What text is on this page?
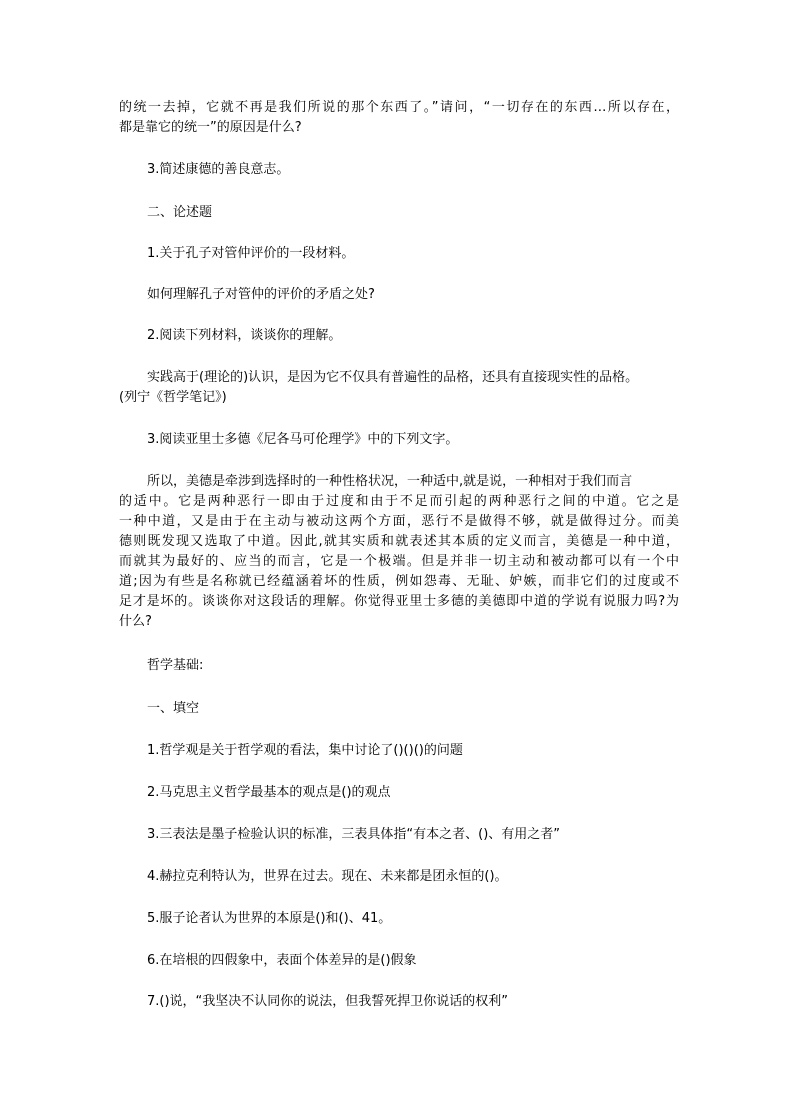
的统一去掉，它就不再是我们所说的那个东西了。”请问，“一切存在的东西…所以存在，

都是靠它的统一”的原因是什么?

3.简述康德的善良意志。

二、论述题

1.关于孔子对管仲评价的一段材料。

如何理解孔子对管仲的评价的矛盾之处?

2.阅读下列材料，谈谈你的理解。

实践高于(理论的)认识，是因为它不仅具有普遍性的品格，还具有直接现实性的品格。

(列宁《哲学笔记》)

3.阅读亚里士多德《尼各马可伦理学》中的下列文字。

所以，美德是牵涉到选择时的一种性格状况，一种适中,就是说，一种相对于我们而言

的适中。它是两种恶行一即由于过度和由于不足而引起的两种恶行之间的中道。它之是

一种中道，又是由于在主动与被动这两个方面，恶行不是做得不够，就是做得过分。而美

德则既发现又选取了中道。因此,就其实质和就表述其本质的定义而言，美德是一种中道，

而就其为最好的、应当的而言，它是一个极端。但是并非一切主动和被动都可以有一个中

道;因为有些是名称就已经蕴涵着坏的性质，例如怨毒、无耻、妒嫉，而非它们的过度或不

足才是坏的。谈谈你对这段话的理解。你觉得亚里士多德的美德即中道的学说有说服力吗?为

什么?

哲学基础:

一、填空

1.哲学观是关于哲学观的看法，集中讨论了()()()的问题

2.马克思主义哲学最基本的观点是()的观点

3.三表法是墨子检验认识的标准，三表具体指“有本之者、()、有用之者”

4.赫拉克利特认为，世界在过去。现在、未来都是团永恒的()。

5.服子论者认为世界的本原是()和()、41。

6.在培根的四假象中，表面个体差异的是()假象

7.()说，“我坚决不认同你的说法，但我誓死捍卫你说话的权利”
